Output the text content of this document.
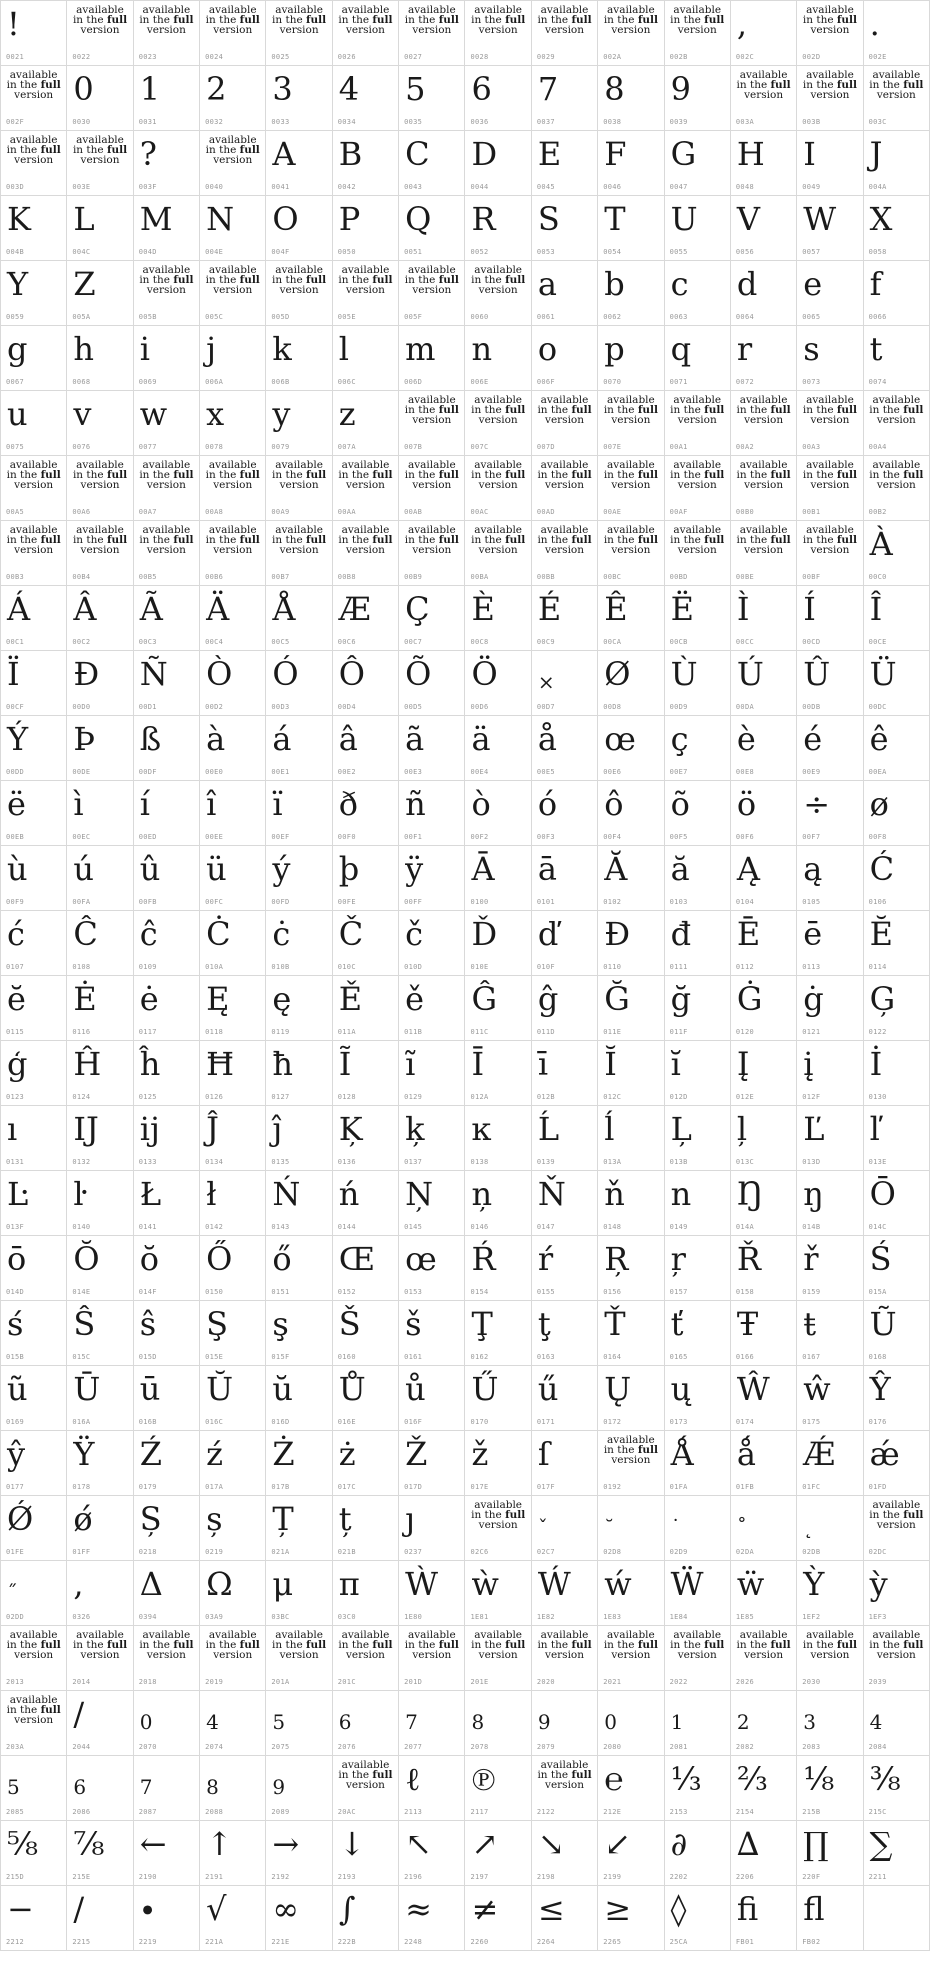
!
0021
available
in the full
version
0022
available
in the full
version
0023
available
in the full
version
0024
available
in the full
version
0025
available
in the full
version
0026
available
in the full
version
0027
available
in the full
version
0028
available
in the full
version
0029
available
in the full
version
002A
available
in the full
version
002B
,
002C
available
in the full
version
002D
.
002E
available
in the full
version
002F
0
0030
1
0031
2
0032
3
0033
4
0034
5
0035
6
0036
7
0037
8
0038
9
0039
available
in the full
version
003A
available
in the full
version
003B
available
in the full
version
003C
available
in the full
version
003D
available
in the full
version
003E
?
003F
available
in the full
version
0040
A
0041
B
0042
C
0043
D
0044
E
0045
F
0046
G
0047
H
0048
I
0049
J
004A
K
004B
L
004C
M
004D
N
004E
O
004F
P
0050
Q
0051
R
0052
S
0053
T
0054
U
0055
V
0056
W
0057
X
0058
Y
0059
Z
005A
available
in the full
version
005B
available
in the full
version
005C
available
in the full
version
005D
available
in the full
version
005E
available
in the full
version
005F
available
in the full
version
0060
a
0061
b
0062
c
0063
d
0064
e
0065
f
0066
g
0067
h
0068
i
0069
j
006A
k
006B
l
006C
m
006D
n
006E
o
006F
p
0070
q
0071
r
0072
s
0073
t
0074
u
0075
v
0076
w
0077
x
0078
y
0079
z
007A
available
in the full
version
007B
available
in the full
version
007C
available
in the full
version
007D
available
in the full
version
007E
available
in the full
version
00A1
available
in the full
version
00A2
available
in the full
version
00A3
available
in the full
version
00A4
available
in the full
version
00A5
available
in the full
version
00A6
available
in the full
version
00A7
available
in the full
version
00A8
available
in the full
version
00A9
available
in the full
version
00AA
available
in the full
version
00AB
available
in the full
version
00AC
available
in the full
version
00AD
available
in the full
version
00AE
available
in the full
version
00AF
available
in the full
version
00B0
available
in the full
version
00B1
available
in the full
version
00B2
available
in the full
version
00B3
available
in the full
version
00B4
available
in the full
version
00B5
available
in the full
version
00B6
available
in the full
version
00B7
available
in the full
version
00B8
available
in the full
version
00B9
available
in the full
version
00BA
available
in the full
version
00BB
available
in the full
version
00BC
available
in the full
version
00BD
available
in the full
version
00BE
available
in the full
version
00BF
À
00C0
Á
00C1
Â
00C2
Ã
00C3
Ä
00C4
Å
00C5
Æ
00C6
Ç
00C7
È
00C8
É
00C9
Ê
00CA
Ë
00CB
Ì
00CC
Í
00CD
Î
00CE
Ï
00CF
Đ
00D0
Ñ
00D1
Ò
00D2
Ó
00D3
Ô
00D4
Õ
00D5
Ö
00D6
×
00D7
Ø
00D8
Ù
00D9
Ú
00DA
Û
00DB
Ü
00DC
Ý
00DD
Þ
00DE
ß
00DF
à
00E0
á
00E1
â
00E2
ã
00E3
ä
00E4
å
00E5
œ
00E6
ç
00E7
è
00E8
é
00E9
ê
00EA
ë
00EB
ì
00EC
í
00ED
î
00EE
ï
00EF
ð
00F0
ñ
00F1
ò
00F2
ó
00F3
ô
00F4
õ
00F5
ö
00F6
÷
00F7
ø
00F8
ù
00F9
ú
00FA
û
00FB
ü
00FC
ý
00FD
þ
00FE
ÿ
00FF
Ā
0100
ā
0101
Ă
0102
ă
0103
Ą
0104
ą
0105
Ć
0106
ć
0107
Ĉ
0108
ĉ
0109
Ċ
010A
ċ
010B
Č
010C
č
010D
Ď
010E
ď
010F
Đ
0110
đ
0111
Ē
0112
ē
0113
Ĕ
0114
ĕ
0115
Ė
0116
ė
0117
Ę
0118
ę
0119
Ě
011A
ě
011B
Ĝ
011C
ĝ
011D
Ğ
011E
ğ
011F
Ġ
0120
ġ
0121
Ģ
0122
ģ
0123
Ĥ
0124
ĥ
0125
Ħ
0126
ħ
0127
Ĩ
0128
ĩ
0129
Ī
012A
ī
012B
Ĭ
012C
ĭ
012D
Į
012E
į
012F
İ
0130
ı
0131
IJ
0132
ij
0133
Ĵ
0134
ĵ
0135
Ķ
0136
ķ
0137
ĸ
0138
Ĺ
0139
ĺ
013A
Ļ
013B
ļ
013C
Ľ
013D
ľ
013E
Ŀ
013F
ŀ
0140
Ł
0141
ł
0142
Ń
0143
ń
0144
Ņ
0145
ņ
0146
Ň
0147
ň
0148
n
0149
Ŋ
014A
ŋ
014B
Ō
014C
ō
014D
Ŏ
014E
ŏ
014F
Ő
0150
ő
0151
Œ
0152
œ
0153
Ŕ
0154
ŕ
0155
Ŗ
0156
ŗ
0157
Ř
0158
ř
0159
Ś
015A
ś
015B
Ŝ
015C
ŝ
015D
Ş
015E
ş
015F
Š
0160
š
0161
Ţ
0162
ţ
0163
Ť
0164
ť
0165
Ŧ
0166
ŧ
0167
Ũ
0168
ũ
0169
Ū
016A
ū
016B
Ŭ
016C
ŭ
016D
Ů
016E
ů
016F
Ű
0170
ű
0171
Ų
0172
ų
0173
Ŵ
0174
ŵ
0175
Ŷ
0176
ŷ
0177
Ÿ
0178
Ź
0179
ź
017A
Ż
017B
ż
017C
Ž
017D
ž
017E
ſ
017F
available
in the full
version
0192
Ǻ
01FA
ǻ
01FB
Ǽ
01FC
ǽ
01FD
Ǿ
01FE
ǿ
01FF
Ș
0218
ș
0219
Ț
021A
ț
021B
ȷ
0237
available
in the full
version
02C6
ˇ
02C7
˘
02D8
˙
02D9
˚
02DA
˛
02DB
available
in the full
version
02DC
˝
02DD
,
0326
Δ
0394
Ω
03A9
μ
03BC
π
03C0
Ẁ
1E80
ẁ
1E81
Ẃ
1E82
ẃ
1E83
Ẅ
1E84
ẅ
1E85
Ỳ
1EF2
ỳ
1EF3
available
in the full
version
2013
available
in the full
version
2014
available
in the full
version
2018
available
in the full
version
2019
available
in the full
version
201A
available
in the full
version
201C
available
in the full
version
201D
available
in the full
version
201E
available
in the full
version
2020
available
in the full
version
2021
available
in the full
version
2022
available
in the full
version
2026
available
in the full
version
2030
available
in the full
version
2039
available
in the full
version
203A
/
2044
0
2070
4
2074
5
2075
6
2076
7
2077
8
2078
9
2079
0
2080
1
2081
2
2082
3
2083
4
2084
5
2085
6
2086
7
2087
8
2088
9
2089
available
in the full
version
20AC
ℓ
2113
℗
2117
available
in the full
version
2122
℮
212E
⅓
2153
⅔
2154
⅛
215B
⅜
215C
⅝
215D
⅞
215E
←
2190
↑
2191
→
2192
↓
2193
↖
2196
↗
2197
↘
2198
↙
2199
∂
2202
∆
2206
∏
220F
∑
2211
−
2212
∕
2215
∙
2219
√
221A
∞
221E
∫
222B
≈
2248
≠
2260
≤
2264
≥
2265
◊
25CA
ﬁ
FB01
ﬂ
FB02
